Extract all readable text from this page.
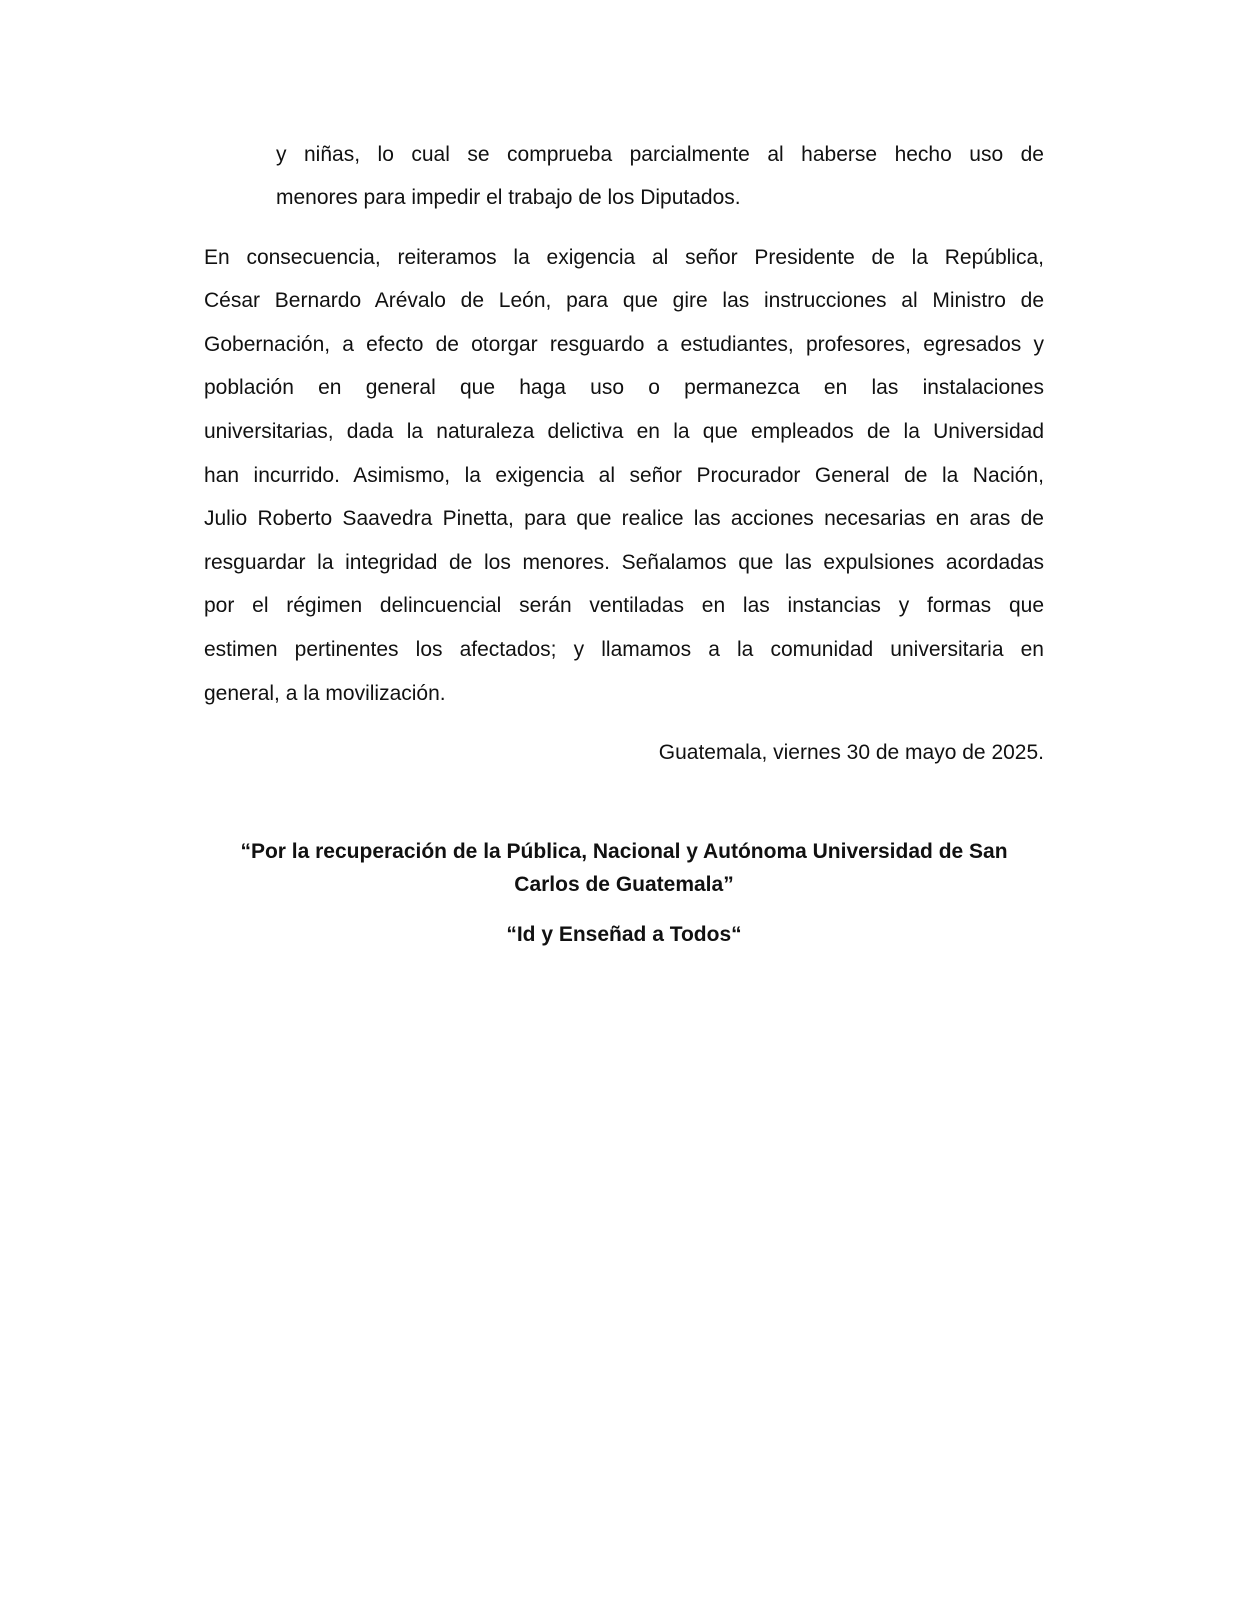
y niñas, lo cual se comprueba parcialmente al haberse hecho uso de
menores para impedir el trabajo de los Diputados.
En consecuencia, reiteramos la exigencia al señor Presidente de la República,
César Bernardo Arévalo de León, para que gire las instrucciones al Ministro de
Gobernación, a efecto de otorgar resguardo a estudiantes, profesores, egresados y
población en general que haga uso o permanezca en las instalaciones
universitarias, dada la naturaleza delictiva en la que empleados de la Universidad
han incurrido. Asimismo, la exigencia al señor Procurador General de la Nación,
Julio Roberto Saavedra Pinetta, para que realice las acciones necesarias en aras de
resguardar la integridad de los menores. Señalamos que las expulsiones acordadas
por el régimen delincuencial serán ventiladas en las instancias y formas que
estimen pertinentes los afectados; y llamamos a la comunidad universitaria en
general, a la movilización.
Guatemala, viernes 30 de mayo de 2025.
“Por la recuperación de la Pública, Nacional y Autónoma Universidad de San
Carlos de Guatemala”
“Id y Enseñad a Todos“
